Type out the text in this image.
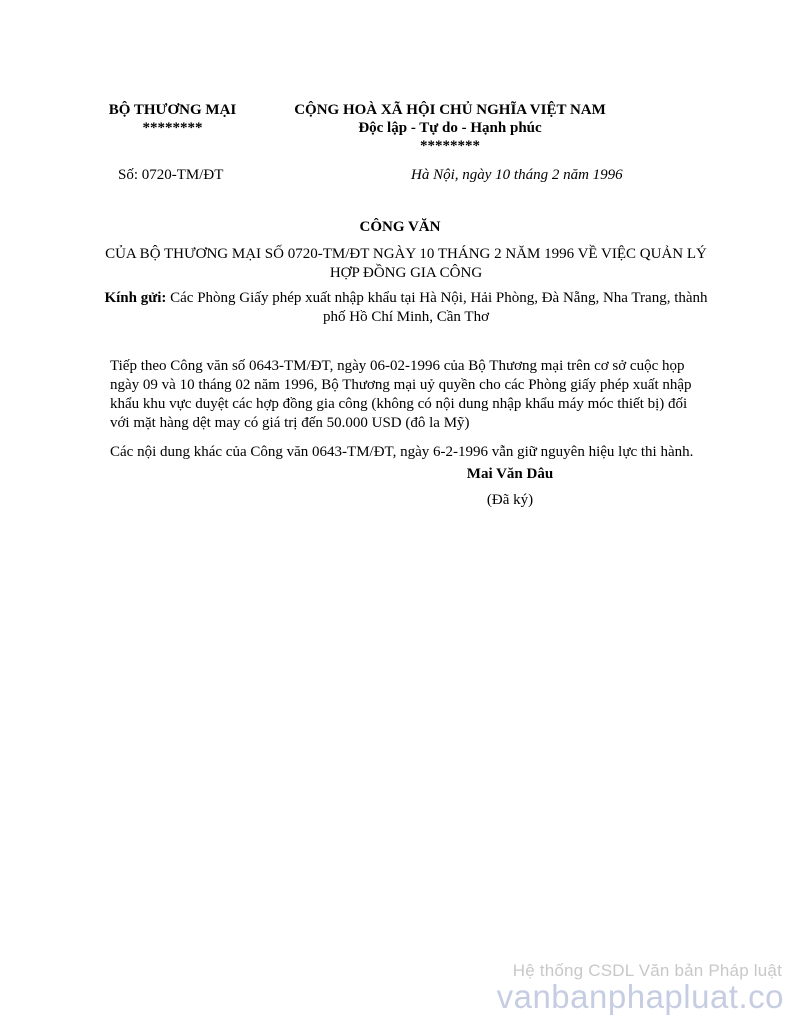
BỘ THƯƠNG MẠI
********
CỘNG HOÀ XÃ HỘI CHỦ NGHĨA VIỆT NAM
Độc lập - Tự do - Hạnh phúc
********
Số: 0720-TM/ĐT	Hà Nội, ngày 10 tháng 2 năm 1996
CÔNG VĂN
CỦA BỘ THƯƠNG MẠI SỐ 0720-TM/ĐT NGÀY 10 THÁNG 2 NĂM 1996 VỀ VIỆC QUẢN LÝ HỢP ĐỒNG GIA CÔNG
Kính gửi: Các Phòng Giấy phép xuất nhập khẩu tại Hà Nội, Hải Phòng, Đà Nẵng, Nha Trang, thành phố Hồ Chí Minh, Cần Thơ

Tiếp theo Công văn số 0643-TM/ĐT, ngày 06-02-1996 của Bộ Thương mại trên cơ sở cuộc họp ngày 09 và 10 tháng 02 năm 1996, Bộ Thương mại uỷ quyền cho các Phòng giấy phép xuất nhập khẩu khu vực duyệt các hợp đồng gia công (không có nội dung nhập khẩu máy móc thiết bị) đối với mặt hàng dệt may có giá trị đến 50.000 USD (đô la Mỹ)

Các nội dung khác của Công văn 0643-TM/ĐT, ngày 6-2-1996 vẫn giữ nguyên hiệu lực thi hành.

Mai Văn Dâu
(Đã ký)
Hệ thống CSDL Văn bản Pháp luật
vanbanphapluat.co
